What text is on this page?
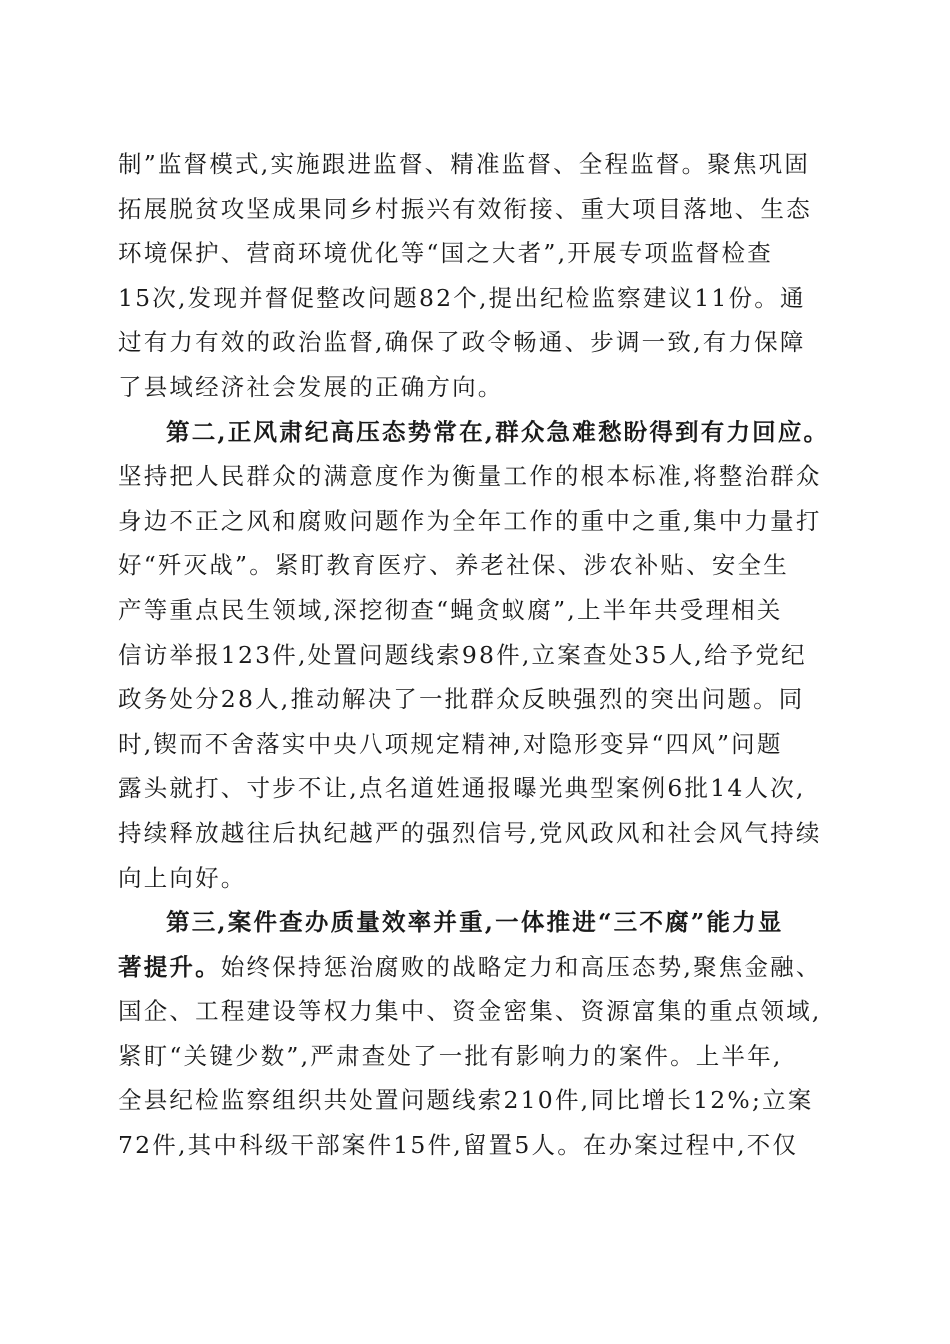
制”监督模式,实施跟进监督、精准监督、全程监督。聚焦巩固
拓展脱贫攻坚成果同乡村振兴有效衔接、重大项目落地、生态
环境保护、营商环境优化等“国之大者”,开展专项监督检查
15次,发现并督促整改问题82个,提出纪检监察建议11份。通
过有力有效的政治监督,确保了政令畅通、步调一致,有力保障
了县域经济社会发展的正确方向。
第二,正风肃纪高压态势常在,群众急难愁盼得到有力回应。
坚持把人民群众的满意度作为衡量工作的根本标准,将整治群众
身边不正之风和腐败问题作为全年工作的重中之重,集中力量打
好“歼灭战”。紧盯教育医疗、养老社保、涉农补贴、安全生
产等重点民生领域,深挖彻查“蝇贪蚁腐”,上半年共受理相关
信访举报123件,处置问题线索98件,立案查处35人,给予党纪
政务处分28人,推动解决了一批群众反映强烈的突出问题。同
时,锲而不舍落实中央八项规定精神,对隐形变异“四风”问题
露头就打、寸步不让,点名道姓通报曝光典型案例6批14人次,
持续释放越往后执纪越严的强烈信号,党风政风和社会风气持续
向上向好。
第三,案件查办质量效率并重,一体推进“三不腐”能力显
著提升。始终保持惩治腐败的战略定力和高压态势,聚焦金融、
国企、工程建设等权力集中、资金密集、资源富集的重点领域,
紧盯“关键少数”,严肃查处了一批有影响力的案件。上半年,
全县纪检监察组织共处置问题线索210件,同比增长12%;立案
72件,其中科级干部案件15件,留置5人。在办案过程中,不仅
